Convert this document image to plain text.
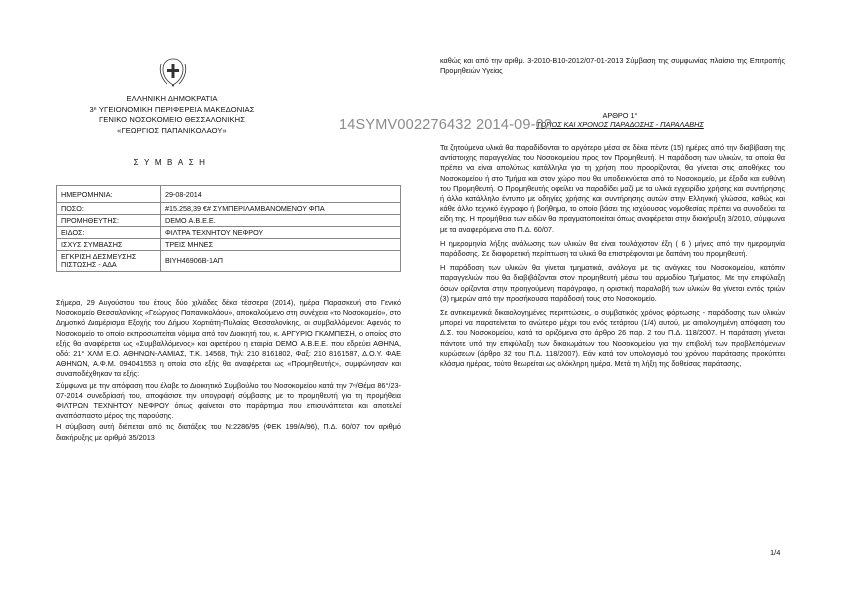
ΕΛΛΗΝΙΚΗ ΔΗΜΟΚΡΑΤΙΑ
3ⁿ ΥΓΕΙΟΝΟΜΙΚΗ ΠΕΡΙΦΕΡΕΙΑ ΜΑΚΕΔΟΝΙΑΣ
ΓΕΝΙΚΟ ΝΟΣΟΚΟΜΕΙΟ ΘΕΣΣΑΛΟΝΙΚΗΣ
«ΓΕΩΡΓΙΟΣ ΠΑΠΑΝΙΚΟΛΑΟΥ»
ΣΥΜΒΑΣΗ
ΗΜΕΡΟΜΗΝΙΑ:	29-08-2014
ΠΟΣΟ:	#15.258,39 €# ΣΥΜΠΕΡΙΛΑΜΒΑΝΟΜΕΝΟΥ ΦΠΑ
ΠΡΟΜΗΘΕΥΤΗΣ:	DEMO Α.Β.Ε.Ε.
ΕΙΔΟΣ:	ΦΙΛΤΡΑ ΤΕΧΝΗΤΟΥ ΝΕΦΡΟΥ
ΙΣΧΥΣ ΣΥΜΒΑΣΗΣ	ΤΡΕΙΣ ΜΗΝΕΣ
ΕΓΚΡΙΣΗ ΔΕΣΜΕΥΣΗΣ ΠΙΣΤΩΣΗΣ - ΑΔΑ	ΒΙΥΗ46906Β-1ΑΠ

Σήμερα, 29 Αυγούστου του έτους δύο χιλιάδες δέκα τέσσερα (2014), ημέρα Παρασκευή στο Γενικό Νοσοκομείο Θεσσαλονίκης «Γεώργιος Παπανικολάου», αποκαλούμενο στη συνέχεια «το Νοσοκομείο», στο Δημοτικό Διαμέρισμα Εξοχής του Δήμου Χορτιάτη-Πυλαίας Θεσσαλονίκης, οι συμβαλλόμενοι: Αφενός το Νοσοκομείο το οποίο εκπροσωπείται νόμιμα από τον Διοικητή του, κ. ΑΡΓΥΡΙΟ ΓΚΑΜΠΕΣΗ, ο οποίος στο εξής θα αναφέρεται ως «Συμβαλλόμενος» και αφετέρου η εταιρία DEMO Α.Β.Ε.Ε. που εδρεύει ΑΘΗΝΑ, οδό: 21° ΧΛΜ Ε.Ο. ΑΘΗΝΩΝ-ΛΑΜΙΑΣ, Τ.Κ. 14568, Τηλ: 210 8161802, Φαξ: 210 8161587, Δ.Ο.Υ. ΦΑΕ ΑΘΗΝΩΝ, Α.Φ.Μ. 094041553 η οποία στο εξής θα αναφέρεται ως «Προμηθευτής», συμφώνησαν και συναποδέχθηκαν τα εξής:

Σύμφωνα με την απόφαση που έλαβε το Διοικητικό Συμβούλιο του Νοσοκομείου κατά την 7ⁿ/Θέμα 86°/23-07-2014 συνεδρίασή του, αποφάσισε την υπογραφή σύμβασης με το προμηθευτή για τη προμήθεια ΦΙΛΤΡΩΝ ΤΕΧΝΗΤΟΥ ΝΕΦΡΟΥ όπως φαίνεται στο παράρτημα που επισυνάπτεται και αποτελεί αναπόσπαστο μέρος της παρούσης.

Η σύμβαση αυτή διέπεται από τις διατάξεις του Ν:2286/95 (ΦΕΚ 199/Α/96), Π.Δ. 60/07 τον αριθμό διακήρυξης με αριθμό 35/2013

καθώς και από την αριθμ. 3-2010-Β10-2012/07-01-2013 Σύμβαση της συμφωνίας πλαίσιο της Επιτροπής Προμηθειών Υγείας
ΑΡΘΡΟ 1°
ΤΟΠΟΣ ΚΑΙ ΧΡΟΝΟΣ ΠΑΡΑΔΟΣΗΣ - ΠΑΡΑΛΑΒΗΣ
14SYMV002276432 2014-09-02

Τα ζητούμενα υλικά θα παραδίδονται το αργότερο μέσα σε δέκα πέντε (15) ημέρες από την διαβίβαση της αντίστοιχης παραγγελίας του Νοσοκομείου προς τον Προμηθευτή. Η παράδοση των υλικών, τα οποία θα πρέπει να είναι απολύτως κατάλληλα για τη χρήση που προορίζονται, θα γίνεται στις αποθήκες του Νοσοκομείου ή στο Τμήμα και στον χώρο που θα υποδεικνύεται από το Νοσοκομείο, με έξοδα και ευθύνη του Προμηθευτή. Ο Προμηθευτής οφείλει να παραδίδει μαζί με τα υλικά εγχειρίδιο χρήσης και συντήρησης ή άλλο κατάλληλο έντυπο με οδηγίες χρήσης και συντήρησης αυτών στην Ελληνική γλώσσα, καθώς και κάθε άλλο τεχνικό έγγραφο ή βοήθημα, το οποίο βάσει της ισχύουσας νομοθεσίας πρέπει να συνοδεύει τα είδη της. Η προμήθεια των ειδών θα πραγματοποιείται όπως αναφέρεται στην διακήρυξη 3/2010, σύμφωνα με τα αναφερόμενα στο Π.Δ. 60/07.

Η ημερομηνία λήξης ανάλωσης των υλικών θα είναι τουλάχιστον έξη ( 6 ) μήνες από την ημερομηνία παράδοσης. Σε διαφορετική περίπτωση τα υλικά θα επιστρέφονται με δαπάνη του προμηθευτή.

Η παράδοση των υλικών θα γίνεται τμηματικά, ανάλογα με τις ανάγκες του Νοσοκομείου, κατόπιν παραγγελιών που θα διαβιβάζονται στον προμηθευτή μέσω του αρμοδίου Τμήματος. Με την επιφύλαξη όσων ορίζονται στην προηγούμενη παράγραφο, η οριστική παραλαβή των υλικών θα γίνεται εντός τριών (3) ημερών από την προσήκουσα παράδοσή τους στο Νοσοκομείο.

Σε αντικειμενικά δικαιολογημένες περιπτώσεις, ο συμβατικός χρόνος φόρτωσης - παράδοσης των υλικών μπορεί να παρατείνεται το ανώτερο μέχρι του ενός τετάρτου (1/4) αυτού, με αιτιολογημένη απόφαση του Δ.Σ. του Νοσοκομείου, κατά τα οριζόμενα στο άρθρο 26 παρ. 2 του Π.Δ. 118/2007. Η παράταση γίνεται πάντοτε υπό την επιφύλαξη των δικαιωμάτων του Νοσοκομείου για την επιβολή των προβλεπόμενων κυρώσεων (άρθρο 32 του Π.Δ. 118/2007). Εάν κατά τον υπολογισμό του χρόνου παράτασης προκύπτει κλάσμα ημέρας, τούτο θεωρείται ως ολόκληρη ημέρα. Μετά τη λήξη της δοθείσας παράτασης,

1/4
